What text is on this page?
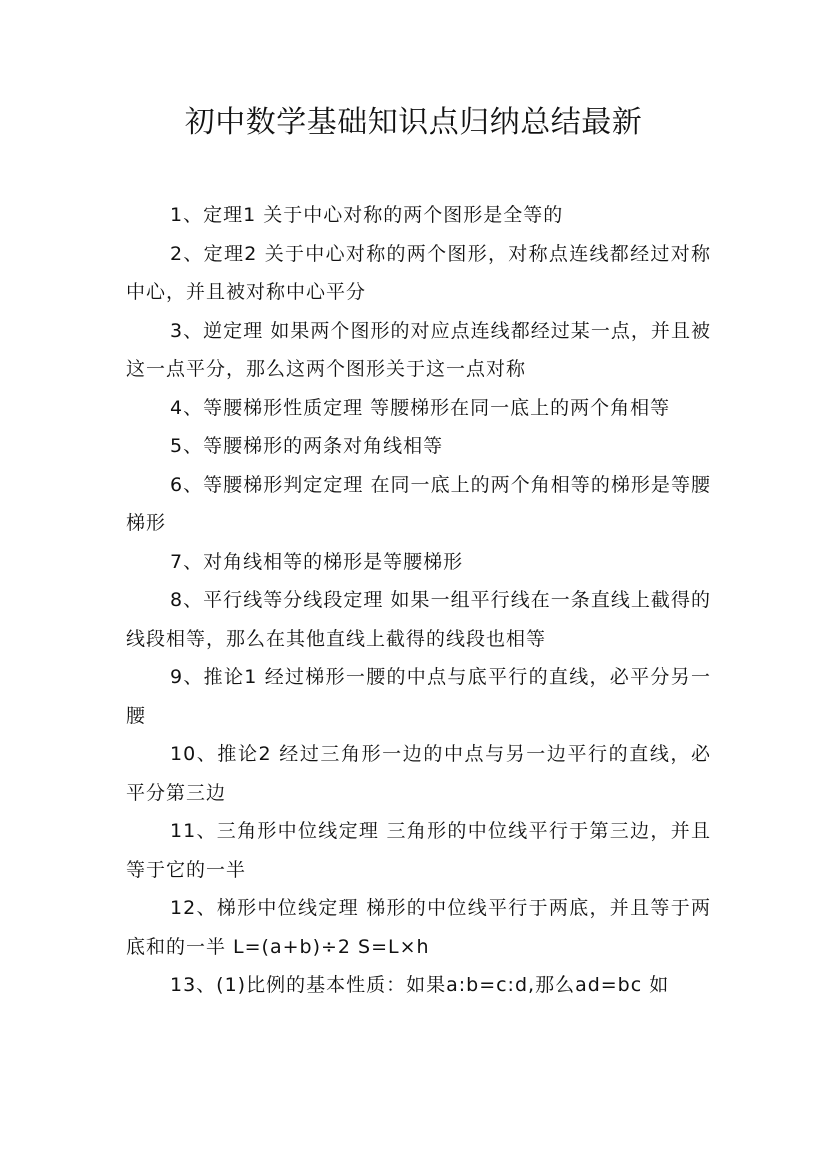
初中数学基础知识点归纳总结最新

1、定理1 关于中心对称的两个图形是全等的

2、定理2 关于中心对称的两个图形，对称点连线都经过对称中心，并且被对称中心平分

3、逆定理 如果两个图形的对应点连线都经过某一点，并且被这一点平分，那么这两个图形关于这一点对称

4、等腰梯形性质定理 等腰梯形在同一底上的两个角相等

5、等腰梯形的两条对角线相等

6、等腰梯形判定定理 在同一底上的两个角相等的梯形是等腰梯形

7、对角线相等的梯形是等腰梯形

8、平行线等分线段定理 如果一组平行线在一条直线上截得的线段相等，那么在其他直线上截得的线段也相等

9、推论1 经过梯形一腰的中点与底平行的直线，必平分另一腰

10、推论2 经过三角形一边的中点与另一边平行的直线，必平分第三边

11、三角形中位线定理 三角形的中位线平行于第三边，并且等于它的一半

12、梯形中位线定理 梯形的中位线平行于两底，并且等于两底和的一半 L=(a+b)÷2 S=L×h

13、(1)比例的基本性质：如果a:b=c:d,那么ad=bc 如
